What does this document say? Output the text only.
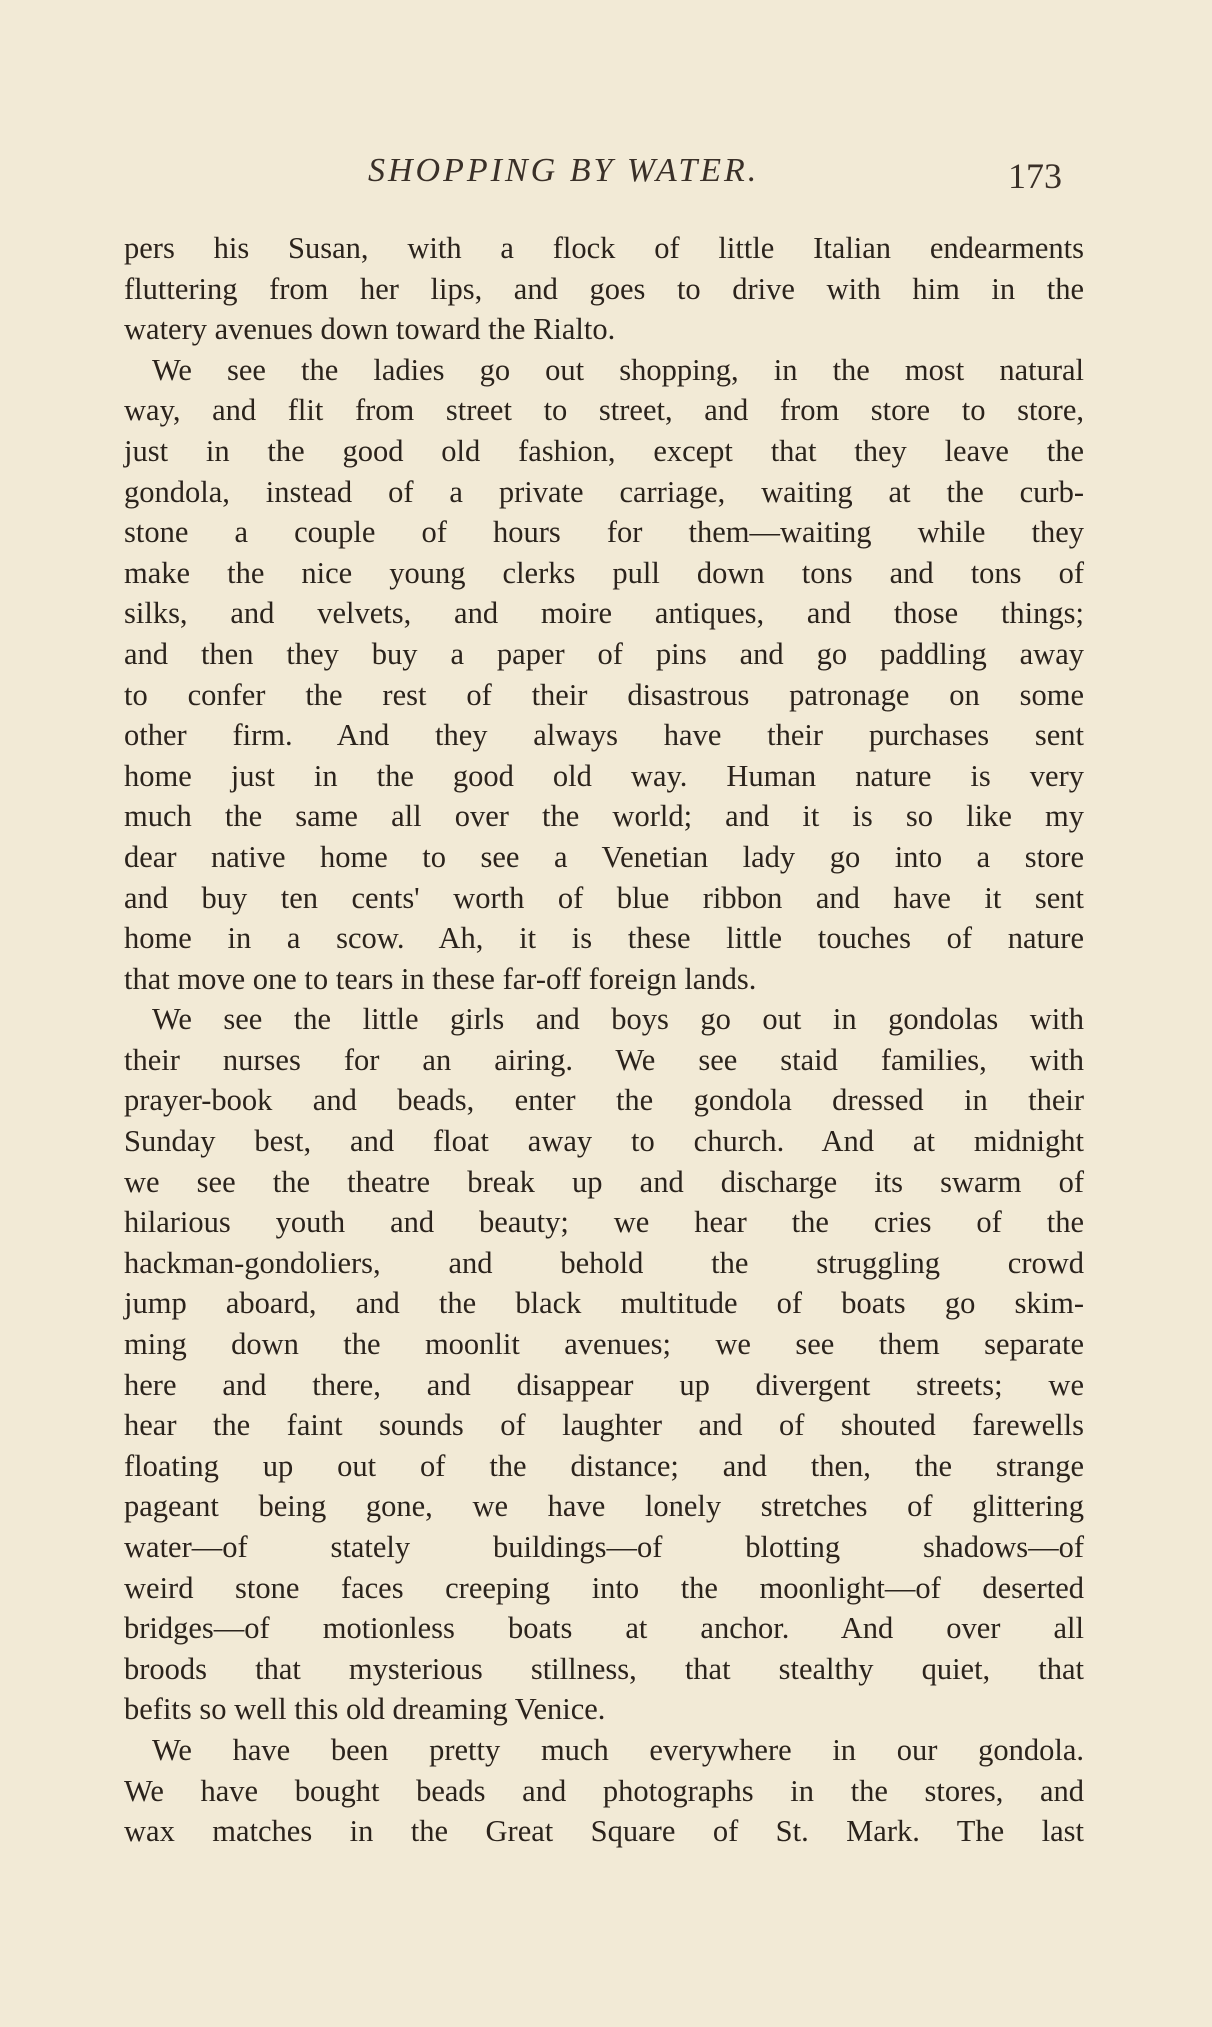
SHOPPING BY WATER.	173
pers his Susan, with a flock of little Italian endearments
fluttering from her lips, and goes to drive with him in the
watery avenues down toward the Rialto.
We see the ladies go out shopping, in the most natural
way, and flit from street to street, and from store to store,
just in the good old fashion, except that they leave the
gondola, instead of a private carriage, waiting at the curb-
stone a couple of hours for them—waiting while they
make the nice young clerks pull down tons and tons of
silks, and velvets, and moire antiques, and those things;
and then they buy a paper of pins and go paddling away
to confer the rest of their disastrous patronage on some
other firm. And they always have their purchases sent
home just in the good old way. Human nature is very
much the same all over the world; and it is so like my
dear native home to see a Venetian lady go into a store
and buy ten cents' worth of blue ribbon and have it sent
home in a scow. Ah, it is these little touches of nature
that move one to tears in these far-off foreign lands.
We see the little girls and boys go out in gondolas with
their nurses for an airing. We see staid families, with
prayer-book and beads, enter the gondola dressed in their
Sunday best, and float away to church. And at midnight
we see the theatre break up and discharge its swarm of
hilarious youth and beauty; we hear the cries of the
hackman-gondoliers, and behold the struggling crowd
jump aboard, and the black multitude of boats go skim-
ming down the moonlit avenues; we see them separate
here and there, and disappear up divergent streets; we
hear the faint sounds of laughter and of shouted farewells
floating up out of the distance; and then, the strange
pageant being gone, we have lonely stretches of glittering
water—of stately buildings—of blotting shadows—of
weird stone faces creeping into the moonlight—of deserted
bridges—of motionless boats at anchor. And over all
broods that mysterious stillness, that stealthy quiet, that
befits so well this old dreaming Venice.
We have been pretty much everywhere in our gondola.
We have bought beads and photographs in the stores, and
wax matches in the Great Square of St. Mark. The last
